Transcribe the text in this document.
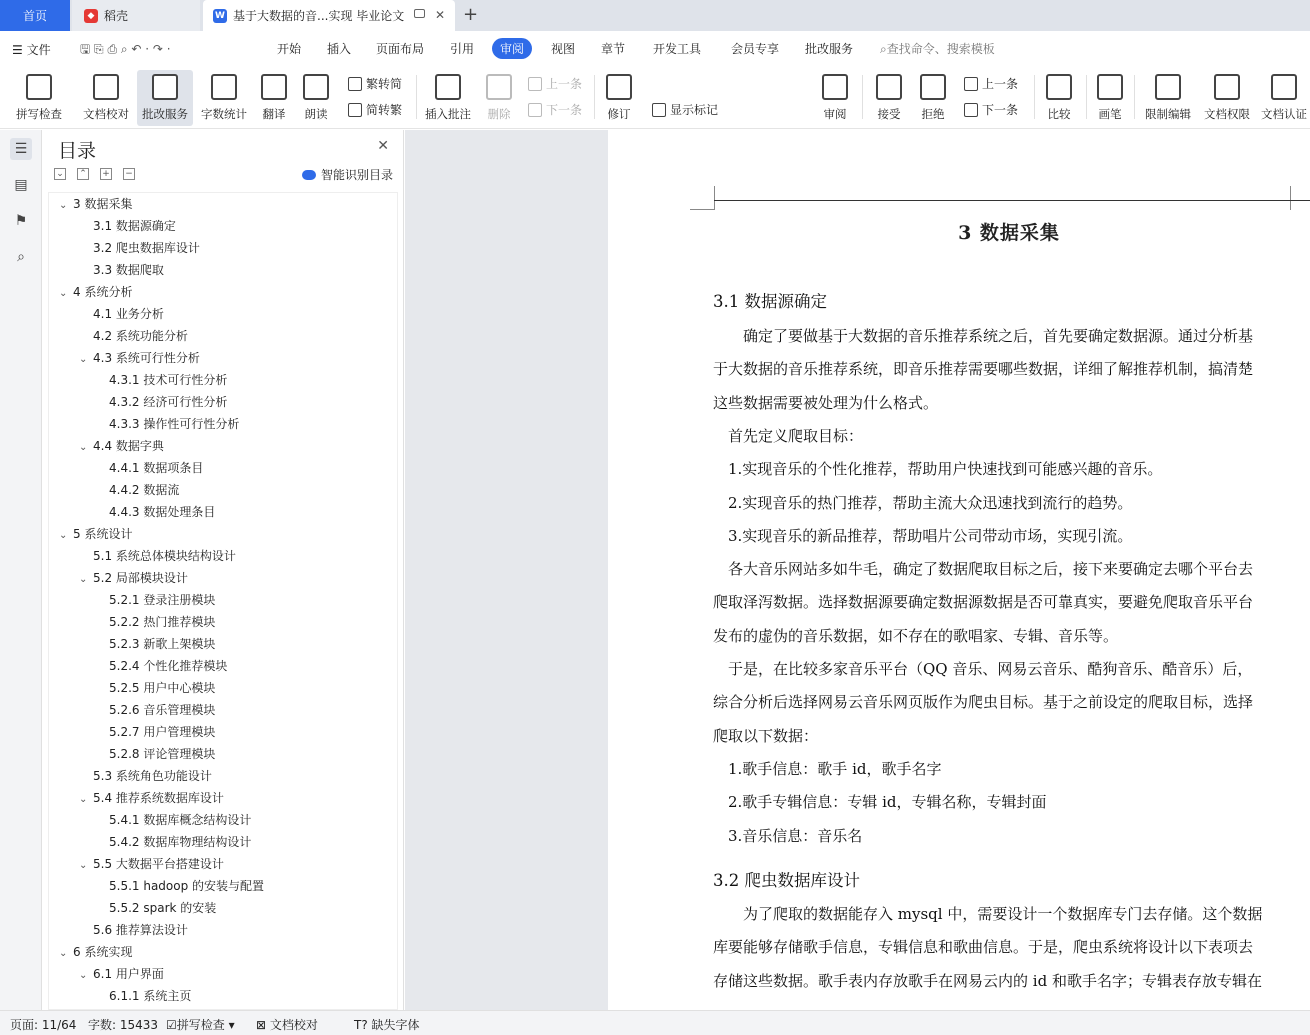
首页	◆ 稻壳	W 基于大数据的音...实现 毕业论文	✕ +
☰ 文件 🖫 ⎘ ⎙ ⌕ ↶ · ↷ ·	开始 插入 页面布局 引用	审阅	视图 章节 开发工具 会员专享 批改服务 ⌕查找命令、搜索模板
拼写检查 文档校对 批改服务 字数统计 翻译 朗读
繁转简
简转繁 插入批注 删除
上一条
下一条 修订	显示标记	审阅	接受 拒绝
上一条
下一条	比较 画笔 限制编辑 文档权限 文档认证
☰
▤
⚑
⌕
目录	✕
⌄ ⌃ + −	智能识别目录
⌄ 3 数据采集
3.1 数据源确定
3.2 爬虫数据库设计
3.3 数据爬取
⌄ 4 系统分析
4.1 业务分析
4.2 系统功能分析
⌄ 4.3 系统可行性分析
4.3.1 技术可行性分析
4.3.2 经济可行性分析
4.3.3 操作性可行性分析
⌄ 4.4 数据字典
4.4.1 数据项条目
4.4.2 数据流
4.4.3 数据处理条目
⌄ 5 系统设计
5.1 系统总体模块结构设计
⌄ 5.2 局部模块设计
5.2.1 登录注册模块
5.2.2 热门推荐模块
5.2.3 新歌上架模块
5.2.4 个性化推荐模块
5.2.5 用户中心模块
5.2.6 音乐管理模块
5.2.7 用户管理模块
5.2.8 评论管理模块
5.3 系统角色功能设计
⌄ 5.4 推荐系统数据库设计
5.4.1 数据库概念结构设计
5.4.2 数据库物理结构设计
⌄ 5.5 大数据平台搭建设计
5.5.1 hadoop 的安装与配置
5.5.2 spark 的安装
5.6 推荐算法设计
⌄ 6 系统实现
⌄ 6.1 用户界面
6.1.1 系统主页
3 数据采集
3.1 数据源确定
　　确定了要做基于大数据的音乐推荐系统之后，首先要确定数据源。通过分析基
于大数据的音乐推荐系统，即音乐推荐需要哪些数据，详细了解推荐机制，搞清楚
这些数据需要被处理为什么格式。
　首先定义爬取目标：
　1.实现音乐的个性化推荐，帮助用户快速找到可能感兴趣的音乐。
　2.实现音乐的热门推荐，帮助主流大众迅速找到流行的趋势。
　3.实现音乐的新品推荐，帮助唱片公司带动市场，实现引流。
　各大音乐网站多如牛毛，确定了数据爬取目标之后，接下来要确定去哪个平台去
爬取泽泻数据。选择数据源要确定数据源数据是否可靠真实，要避免爬取音乐平台
发布的虚伪的音乐数据，如不存在的歌唱家、专辑、音乐等。
　于是，在比较多家音乐平台（QQ 音乐、网易云音乐、酷狗音乐、酷音乐）后，
综合分析后选择网易云音乐网页版作为爬虫目标。基于之前设定的爬取目标，选择
爬取以下数据：
　1.歌手信息：歌手 id，歌手名字
　2.歌手专辑信息：专辑 id，专辑名称，专辑封面
　3.音乐信息：音乐名
3.2 爬虫数据库设计
　　为了爬取的数据能存入 mysql 中，需要设计一个数据库专门去存储。这个数据
库要能够存储歌手信息，专辑信息和歌曲信息。于是，爬虫系统将设计以下表项去
存储这些数据。歌手表内存放歌手在网易云内的 id 和歌手名字；专辑表存放专辑在
页面: 11/64 字数: 15433 ☑拼写检查 ▾ ⊠ 文档校对	T? 缺失字体
